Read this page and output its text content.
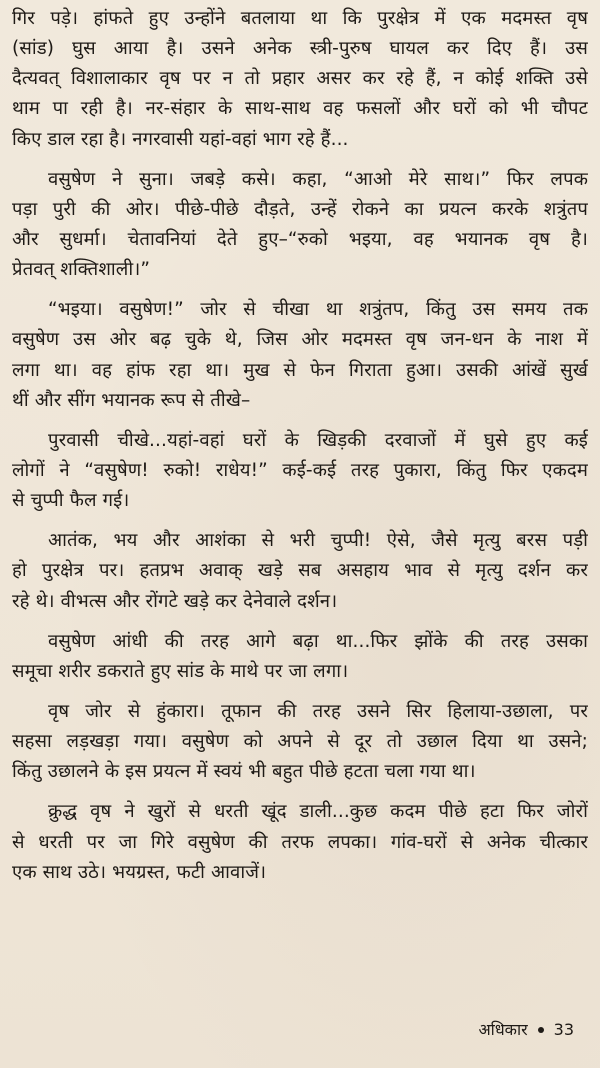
गिर पड़े। हांफते हुए उन्होंने बतलाया था कि पुरक्षेत्र में एक मदमस्त वृष
(सांड) घुस आया है। उसने अनेक स्त्री-पुरुष घायल कर दिए हैं। उस
दैत्यवत् विशालाकार वृष पर न तो प्रहार असर कर रहे हैं, न कोई शक्ति उसे
थाम पा रही है। नर-संहार के साथ-साथ वह फसलों और घरों को भी चौपट
किए डाल रहा है। नगरवासी यहां-वहां भाग रहे हैं...
वसुषेण ने सुना। जबड़े कसे। कहा, “आओ मेरे साथ।” फिर लपक
पड़ा पुरी की ओर। पीछे-पीछे दौड़ते, उन्हें रोकने का प्रयत्न करके शत्रुंतप
और सुधर्मा। चेतावनियां देते हुए–“रुको भइया, वह भयानक वृष है।
प्रेतवत् शक्तिशाली।”
“भइया। वसुषेण!” जोर से चीखा था शत्रुंतप, किंतु उस समय तक
वसुषेण उस ओर बढ़ चुके थे, जिस ओर मदमस्त वृष जन-धन के नाश में
लगा था। वह हांफ रहा था। मुख से फेन गिराता हुआ। उसकी आंखें सुर्ख
थीं और सींग भयानक रूप से तीखे–
पुरवासी चीखे...यहां-वहां घरों के खिड़की दरवाजों में घुसे हुए कई
लोगों ने “वसुषेण! रुको! राधेय!” कई-कई तरह पुकारा, किंतु फिर एकदम
से चुप्पी फैल गई।
आतंक, भय और आशंका से भरी चुप्पी! ऐसे, जैसे मृत्यु बरस पड़ी
हो पुरक्षेत्र पर। हतप्रभ अवाक् खड़े सब असहाय भाव से मृत्यु दर्शन कर
रहे थे। वीभत्स और रोंगटे खड़े कर देनेवाले दर्शन।
वसुषेण आंधी की तरह आगे बढ़ा था...फिर झोंके की तरह उसका
समूचा शरीर डकराते हुए सांड के माथे पर जा लगा।
वृष जोर से हुंकारा। तूफान की तरह उसने सिर हिलाया-उछाला, पर
सहसा लड़खड़ा गया। वसुषेण को अपने से दूर तो उछाल दिया था उसने;
किंतु उछालने के इस प्रयत्न में स्वयं भी बहुत पीछे हटता चला गया था।
क्रुद्ध वृष ने खुरों से धरती खूंद डाली...कुछ कदम पीछे हटा फिर जोरों
से धरती पर जा गिरे वसुषेण की तरफ लपका। गांव-घरों से अनेक चीत्कार
एक साथ उठे। भयग्रस्त, फटी आवाजें।
अधिकार 33
